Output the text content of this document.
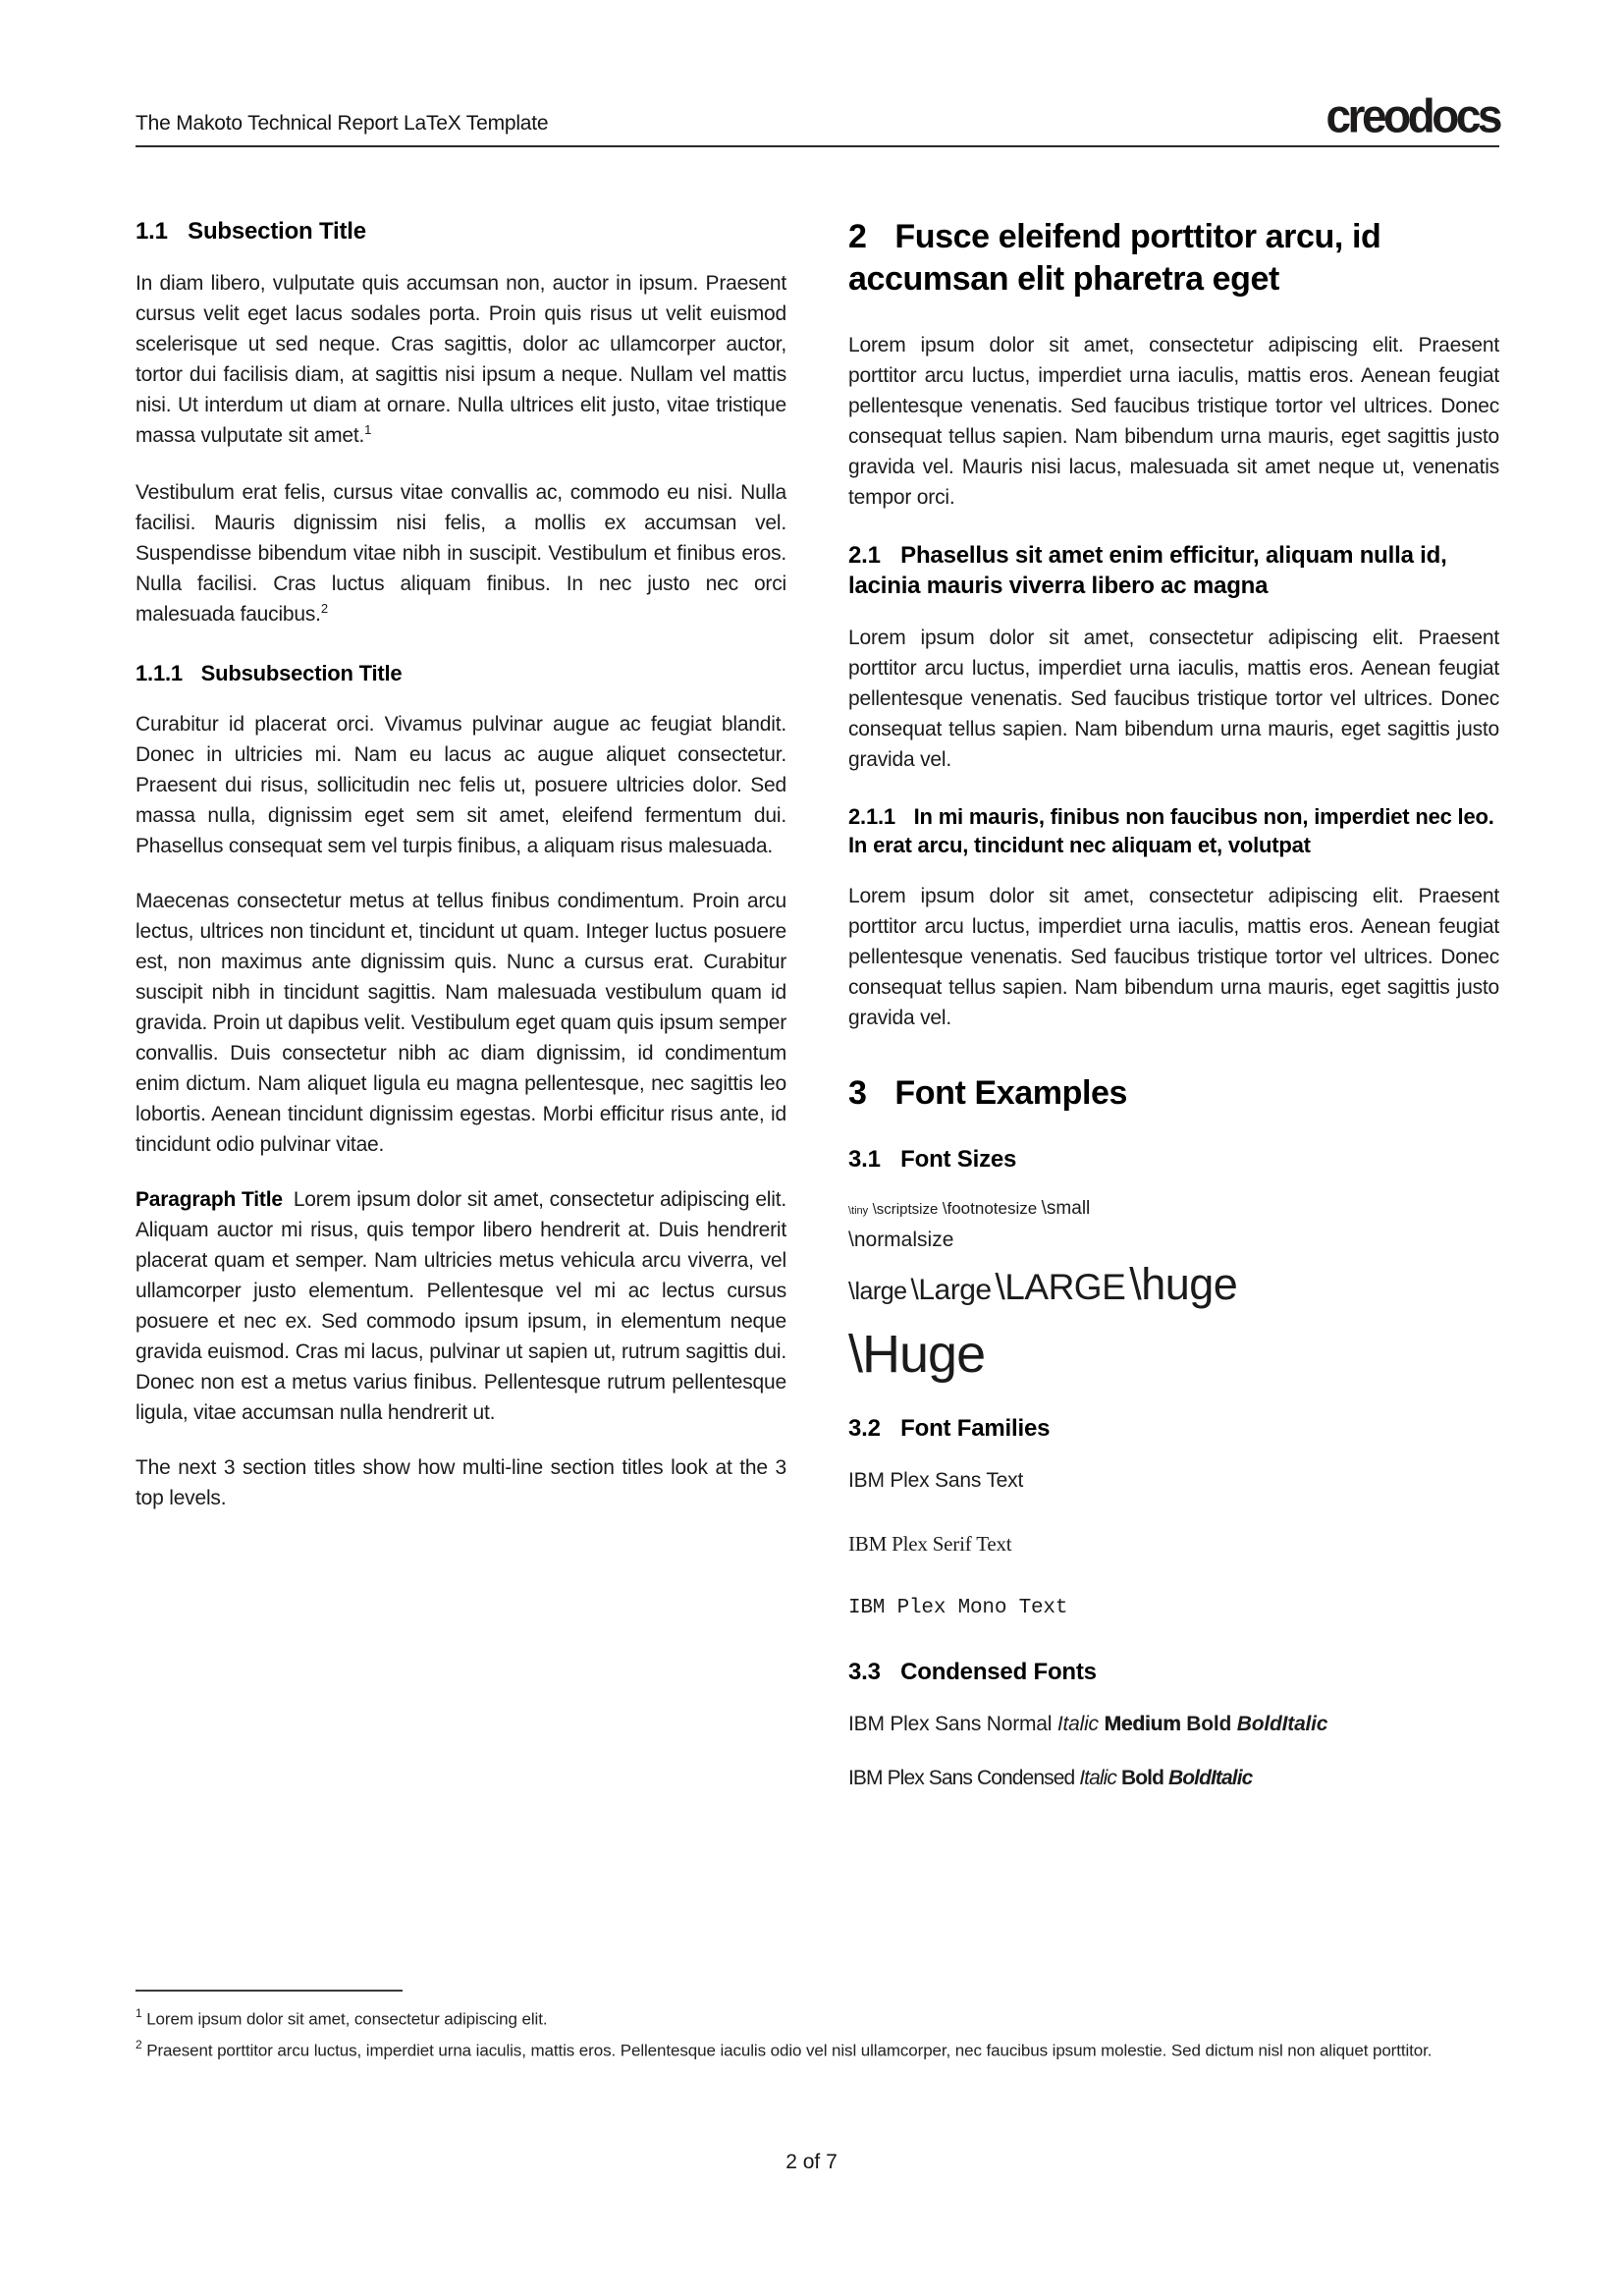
The Makoto Technical Report LaTeX Template	creodocs
1.1 Subsection Title

In diam libero, vulputate quis accumsan non, auctor in ipsum. Praesent cursus velit eget lacus sodales porta. Proin quis risus ut velit euismod scelerisque ut sed neque. Cras sagittis, dolor ac ullamcorper auctor, tortor dui facilisis diam, at sagittis nisi ipsum a neque. Nullam vel mattis nisi. Ut interdum ut diam at ornare. Nulla ultrices elit justo, vitae tristique massa vulputate sit amet.$^1$

Vestibulum erat felis, cursus vitae convallis ac, commodo eu nisi. Nulla facilisi. Mauris dignissim nisi felis, a mollis ex accumsan vel. Suspendisse bibendum vitae nibh in suscipit. Vestibulum et finibus eros. Nulla facilisi. Cras luctus aliquam finibus. In nec justo nec orci malesuada faucibus.$^2$

1.1.1 Subsubsection Title

Curabitur id placerat orci. Vivamus pulvinar augue ac feugiat blandit. Donec in ultricies mi. Nam eu lacus ac augue aliquet consectetur. Praesent dui risus, sollicitudin nec felis ut, posuere ultricies dolor. Sed massa nulla, dignissim eget sem sit amet, eleifend fermentum dui. Phasellus consequat sem vel turpis finibus, a aliquam risus malesuada.

Maecenas consectetur metus at tellus finibus condimentum. Proin arcu lectus, ultrices non tincidunt et, tincidunt ut quam. Integer luctus posuere est, non maximus ante dignissim quis. Nunc a cursus erat. Curabitur suscipit nibh in tincidunt sagittis. Nam malesuada vestibulum quam id gravida. Proin ut dapibus velit. Vestibulum eget quam quis ipsum semper convallis. Duis consectetur nibh ac diam dignissim, id condimentum enim dictum. Nam aliquet ligula eu magna pellentesque, nec sagittis leo lobortis. Aenean tincidunt dignissim egestas. Morbi efficitur risus ante, id tincidunt odio pulvinar vitae.

Paragraph Title Lorem ipsum dolor sit amet, consectetur adipiscing elit. Aliquam auctor mi risus, quis tempor libero hendrerit at. Duis hendrerit placerat quam et semper. Nam ultricies metus vehicula arcu viverra, vel ullamcorper justo elementum. Pellentesque vel mi ac lectus cursus posuere et nec ex. Sed commodo ipsum ipsum, in elementum neque gravida euismod. Cras mi lacus, pulvinar ut sapien ut, rutrum sagittis dui. Donec non est a metus varius finibus. Pellentesque rutrum pellentesque ligula, vitae accumsan nulla hendrerit ut.

The next 3 section titles show how multi-line section titles look at the 3 top levels.

2 Fusce eleifend porttitor arcu, id accumsan elit pharetra eget

Lorem ipsum dolor sit amet, consectetur adipiscing elit. Praesent porttitor arcu luctus, imperdiet urna iaculis, mattis eros. Aenean feugiat pellentesque venenatis. Sed faucibus tristique tortor vel ultrices. Donec consequat tellus sapien. Nam bibendum urna mauris, eget sagittis justo gravida vel. Mauris nisi lacus, malesuada sit amet neque ut, venenatis tempor orci.

2.1 Phasellus sit amet enim efficitur, aliquam nulla id, lacinia mauris viverra libero ac magna

Lorem ipsum dolor sit amet, consectetur adipiscing elit. Praesent porttitor arcu luctus, imperdiet urna iaculis, mattis eros. Aenean feugiat pellentesque venenatis. Sed faucibus tristique tortor vel ultrices. Donec consequat tellus sapien. Nam bibendum urna mauris, eget sagittis justo gravida vel.

2.1.1 In mi mauris, finibus non faucibus non, imperdiet nec leo. In erat arcu, tincidunt nec aliquam et, volutpat

Lorem ipsum dolor sit amet, consectetur adipiscing elit. Praesent porttitor arcu luctus, imperdiet urna iaculis, mattis eros. Aenean feugiat pellentesque venenatis. Sed faucibus tristique tortor vel ultrices. Donec consequat tellus sapien. Nam bibendum urna mauris, eget sagittis justo gravida vel.

3 Font Examples
3.1 Font Sizes
\tiny \scriptsize \footnotesize \small
\normalsize
\large \Large \LARGE \huge
\Huge
3.2 Font Families

IBM Plex Sans Text

IBM Plex Serif Text

IBM Plex Mono Text

3.3 Condensed Fonts

IBM Plex Sans Normal Italic Medium Bold BoldItalic

IBM Plex Sans Condensed Italic Bold BoldItalic

$^1$ Lorem ipsum dolor sit amet, consectetur adipiscing elit.
$^2$ Praesent porttitor arcu luctus, imperdiet urna iaculis, mattis eros. Pellentesque iaculis odio vel nisl ullamcorper, nec faucibus ipsum molestie. Sed dictum nisl non aliquet porttitor.
2 of 7
